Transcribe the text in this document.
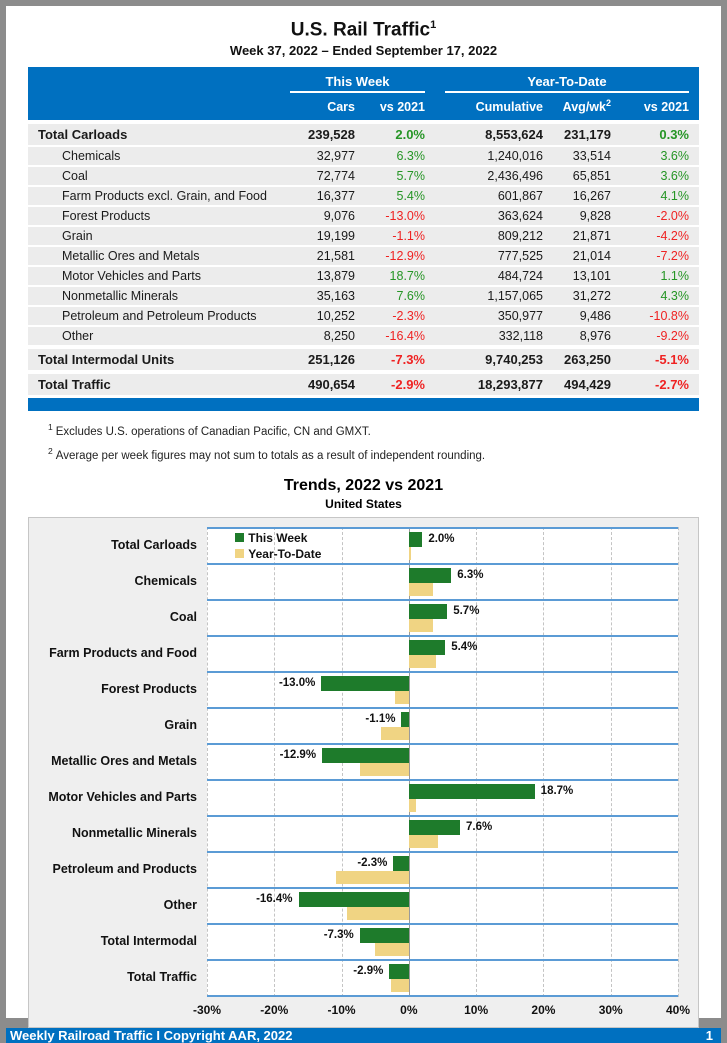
U.S. Rail Traffic$^1$
Week 37, 2022 – Ended September 17, 2022
This Week	Year-To-Date
Cars	vs 2021	Cumulative	Avg/$wk^2$	vs 2021
Total Carloads	239,528	2.0%	8,553,624	231,179	0.3%
Chemicals	32,977	6.3%	1,240,016	33,514	3.6%
Coal	72,774	5.7%	2,436,496	65,851	3.6%
Farm Products excl. Grain, and Food	16,377	5.4%	601,867	16,267	4.1%
Forest Products	9,076	-13.0%	363,624	9,828	-2.0%
Grain	19,199	-1.1%	809,212	21,871	-4.2%
Metallic Ores and Metals	21,581	-12.9%	777,525	21,014	-7.2%
Motor Vehicles and Parts	13,879	18.7%	484,724	13,101	1.1%
Nonmetallic Minerals	35,163	7.6%	1,157,065	31,272	4.3%
Petroleum and Petroleum Products	10,252	-2.3%	350,977	9,486	-10.8%
Other	8,250	-16.4%	332,118	8,976	-9.2%
Total Intermodal Units	251,126	-7.3%	9,740,253	263,250	-5.1%
Total Traffic	490,654	-2.9%	18,293,877	494,429	-2.7%
$^1$ Excludes U.S. operations of Canadian Pacific, CN and GMXT.
$^2$ Average per week figures may not sum to totals as a result of independent rounding.
Trends, 2022 vs 2021
United States
Total Carloads
Chemicals
Coal
Farm Products and Food
Forest Products
Grain
Metallic Ores and Metals
Motor Vehicles and Parts
Nonmetallic Minerals
Petroleum and Products
Other
Total Intermodal
Total Traffic
This Week
Year-To-Date
2.0%
6.3%
5.7%
5.4%
-13.0%
-1.1%
-12.9%
18.7%
7.6%
-2.3%
-16.4%
-7.3%
-2.9%
-30%	-20%	-10%	0%	10%	20%	30%	40%
Weekly Railroad Traffic I Copyright AAR, 2022	1
